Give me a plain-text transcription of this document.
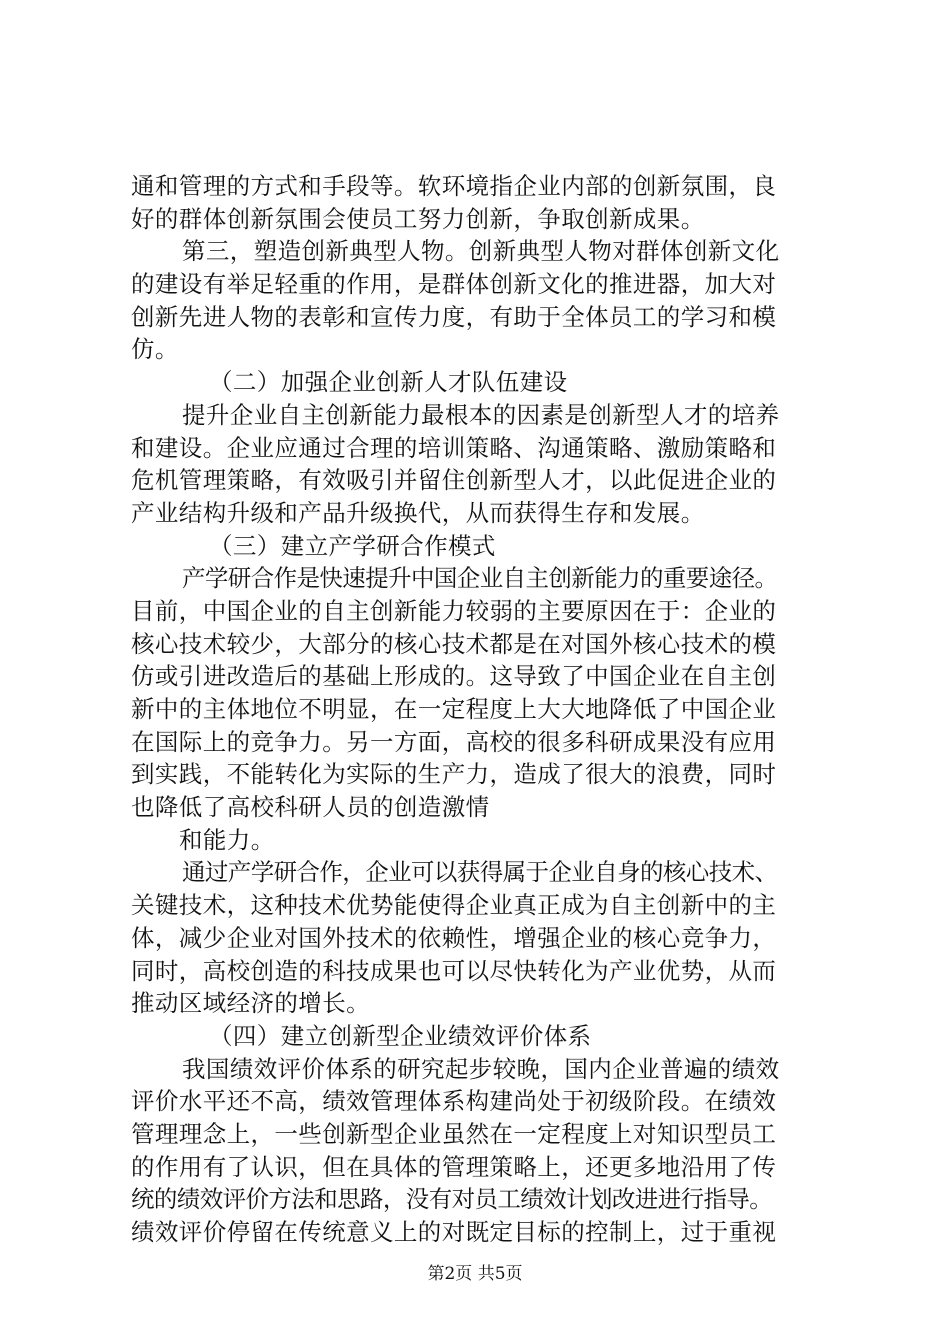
通和管理的方式和手段等。软环境指企业内部的创新氛围，良
好的群体创新氛围会使员工努力创新，争取创新成果。
第三，塑造创新典型人物。创新典型人物对群体创新文化
的建设有举足轻重的作用，是群体创新文化的推进器，加大对
创新先进人物的表彰和宣传力度，有助于全体员工的学习和模
仿。
（二）加强企业创新人才队伍建设
提升企业自主创新能力最根本的因素是创新型人才的培养
和建设。企业应通过合理的培训策略、沟通策略、激励策略和
危机管理策略，有效吸引并留住创新型人才，以此促进企业的
产业结构升级和产品升级换代，从而获得生存和发展。
（三）建立产学研合作模式
产学研合作是快速提升中国企业自主创新能力的重要途径。
目前，中国企业的自主创新能力较弱的主要原因在于：企业的
核心技术较少，大部分的核心技术都是在对国外核心技术的模
仿或引进改造后的基础上形成的。这导致了中国企业在自主创
新中的主体地位不明显，在一定程度上大大地降低了中国企业
在国际上的竞争力。另一方面，高校的很多科研成果没有应用
到实践，不能转化为实际的生产力，造成了很大的浪费，同时
也降低了高校科研人员的创造激情
和能力。
通过产学研合作，企业可以获得属于企业自身的核心技术、
关键技术，这种技术优势能使得企业真正成为自主创新中的主
体，减少企业对国外技术的依赖性，增强企业的核心竞争力，
同时，高校创造的科技成果也可以尽快转化为产业优势，从而
推动区域经济的增长。
（四）建立创新型企业绩效评价体系
我国绩效评价体系的研究起步较晚，国内企业普遍的绩效
评价水平还不高，绩效管理体系构建尚处于初级阶段。在绩效
管理理念上，一些创新型企业虽然在一定程度上对知识型员工
的作用有了认识，但在具体的管理策略上，还更多地沿用了传
统的绩效评价方法和思路，没有对员工绩效计划改进进行指导。
绩效评价停留在传统意义上的对既定目标的控制上，过于重视
第2页 共5页
